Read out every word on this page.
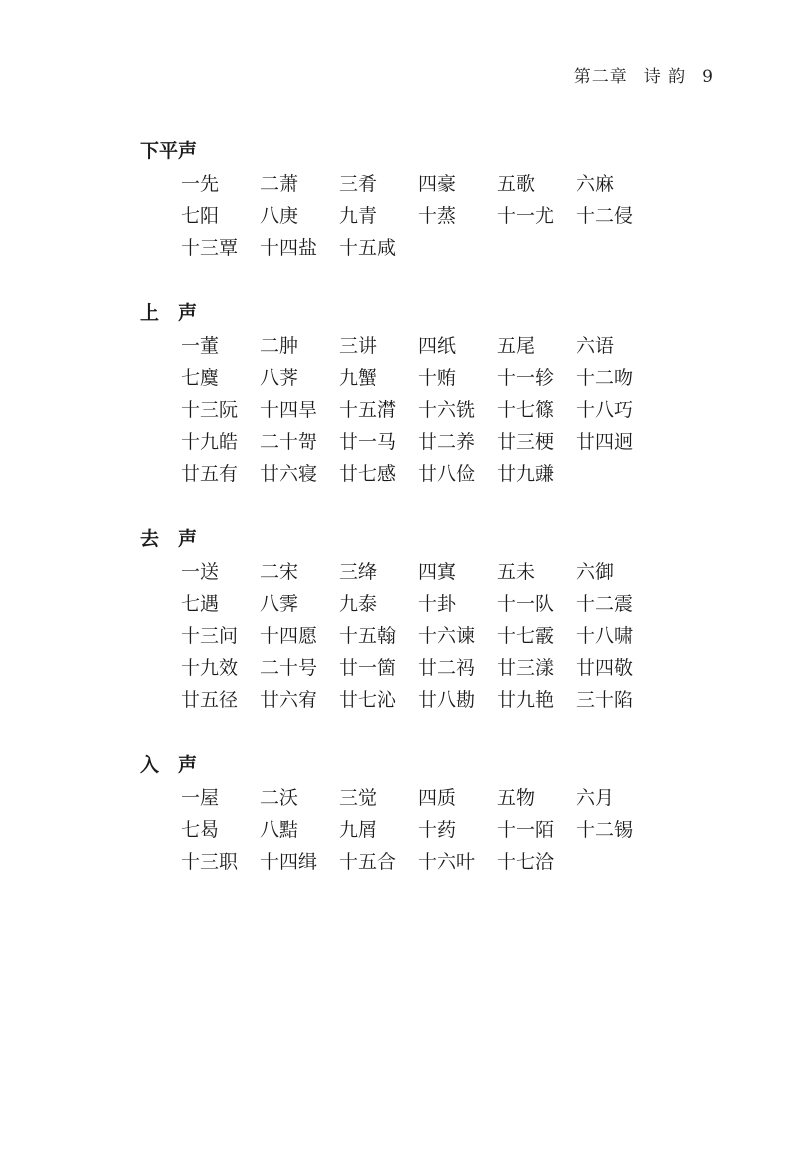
第二章 诗 韵 9
下平声
一先	二萧	三肴	四豪	五歌	六麻
七阳	八庚	九青	十蒸	十一尤	十二侵
十三覃	十四盐	十五咸
上　声
一董	二肿	三讲	四纸	五尾	六语
七麌	八荠	九蟹	十贿	十一轸	十二吻
十三阮	十四旱	十五潸	十六铣	十七篠	十八巧
十九皓	二十哿	廿一马	廿二养	廿三梗	廿四迥
廿五有	廿六寝	廿七感	廿八俭	廿九豏
去　声
一送	二宋	三绛	四寘	五未	六御
七遇	八霁	九泰	十卦	十一队	十二震
十三问	十四愿	十五翰	十六谏	十七霰	十八啸
十九效	二十号	廿一箇	廿二祃	廿三漾	廿四敬
廿五径	廿六宥	廿七沁	廿八勘	廿九艳	三十陷
入　声
一屋	二沃	三觉	四质	五物	六月
七曷	八黠	九屑	十药	十一陌	十二锡
十三职	十四缉	十五合	十六叶	十七洽
